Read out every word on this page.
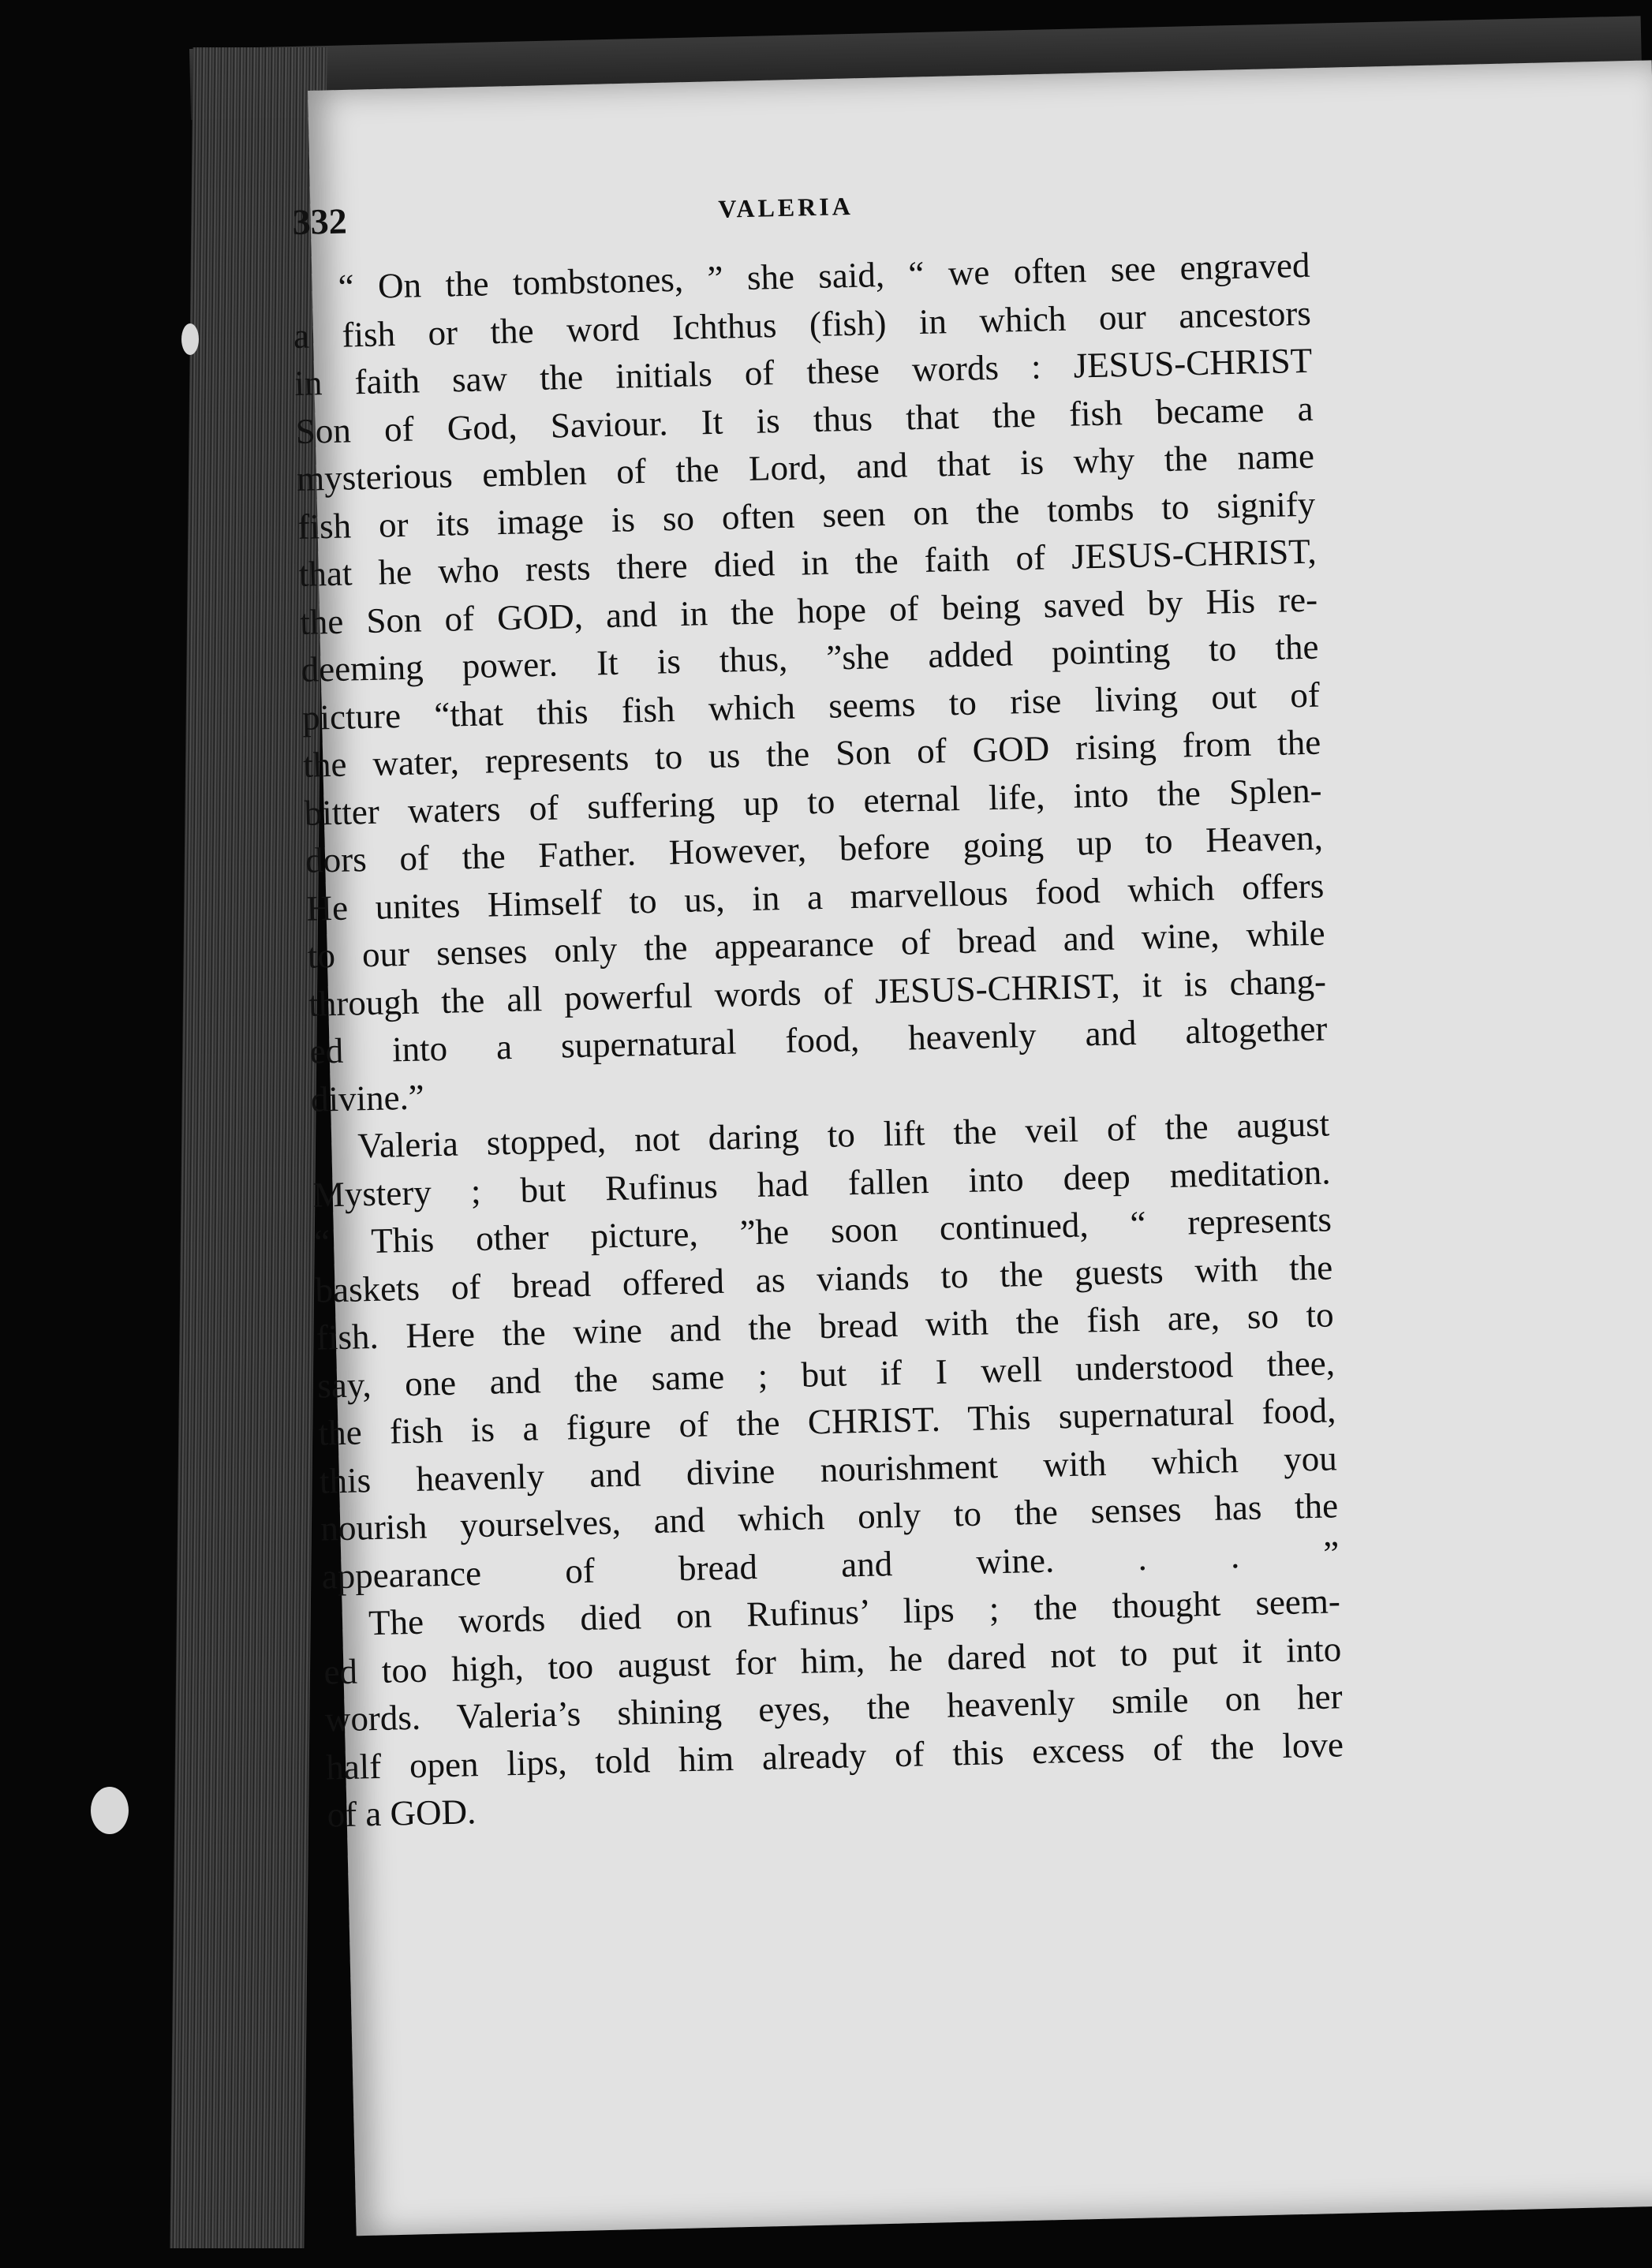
332	VALERIA
“ On the tombstones, ” she said, “ we often see engraved
a fish or the word Ichthus (fish) in which our ancestors
in faith saw the initials of these words : JESUS-CHRIST
Son of God, Saviour. It is thus that the fish became a
mysterious emblen of the Lord, and that is why the name
fish or its image is so often seen on the tombs to signify
that he who rests there died in the faith of JESUS-CHRIST,
the Son of GOD, and in the hope of being saved by His re-
deeming power. It is thus, ”she added pointing to the
picture “that this fish which seems to rise living out of
the water, represents to us the Son of GOD rising from the
bitter waters of suffering up to eternal life, into the Splen-
dors of the Father. However, before going up to Heaven,
He unites Himself to us, in a marvellous food which offers
to our senses only the appearance of bread and wine, while
through the all powerful words of JESUS-CHRIST, it is chang-
ed into a supernatural food, heavenly and altogether
divine.”
Valeria stopped, not daring to lift the veil of the august
Mystery ; but Rufinus had fallen into deep meditation.
“ This other picture, ”he soon continued, “ represents
baskets of bread offered as viands to the guests with the
fish. Here the wine and the bread with the fish are, so to
say, one and the same ; but if I well understood thee,
the fish is a figure of the CHRIST. This supernatural food,
this heavenly and divine nourishment with which you
nourish yourselves, and which only to the senses has the
appearance of bread and wine. . . ”
The words died on Rufinus’ lips ; the thought seem-
ed too high, too august for him, he dared not to put it into
words. Valeria’s shining eyes, the heavenly smile on her
half open lips, told him already of this excess of the love
of a GOD.
